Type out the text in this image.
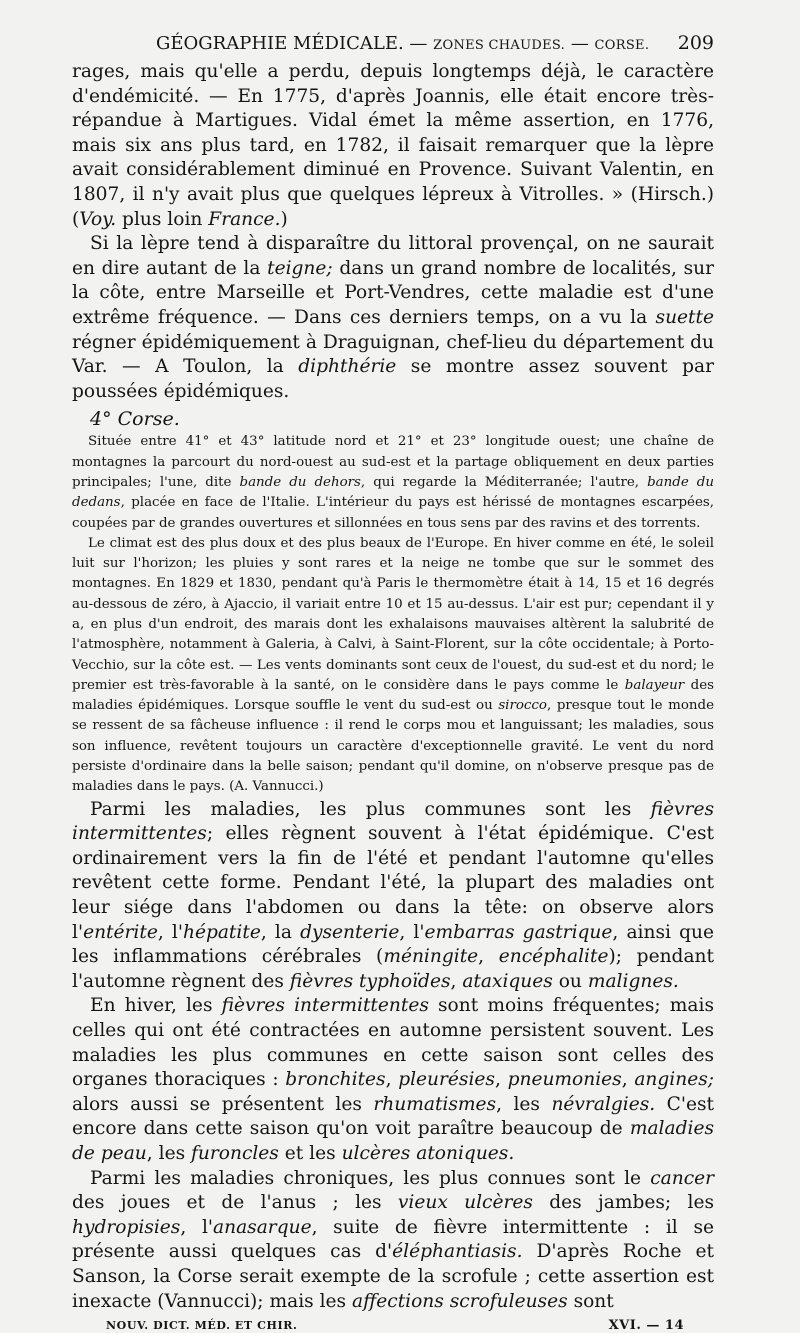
GÉOGRAPHIE MÉDICALE. — ZONES CHAUDES. — CORSE. 209

rages, mais qu'elle a perdu, depuis longtemps déjà, le caractère d'endémicité. — En 1775, d'après Joannis, elle était encore très-répandue à Martigues. Vidal émet la même assertion, en 1776, mais six ans plus tard, en 1782, il faisait remarquer que la lèpre avait considérablement diminué en Provence. Suivant Valentin, en 1807, il n'y avait plus que quelques lépreux à Vitrolles. » (Hirsch.) (Voy. plus loin France.)

Si la lèpre tend à disparaître du littoral provençal, on ne saurait en dire autant de la teigne; dans un grand nombre de localités, sur la côte, entre Marseille et Port-Vendres, cette maladie est d'une extrême fréquence. — Dans ces derniers temps, on a vu la suette régner épidémiquement à Draguignan, chef-lieu du département du Var. — A Toulon, la diphthérie se montre assez souvent par poussées épidémiques.

4° Corse.

Située entre 41° et 43° latitude nord et 21° et 23° longitude ouest; une chaîne de montagnes la parcourt du nord-ouest au sud-est et la partage obliquement en deux parties principales; l'une, dite bande du dehors, qui regarde la Méditerranée; l'autre, bande du dedans, placée en face de l'Italie. L'intérieur du pays est hérissé de montagnes escarpées, coupées par de grandes ouvertures et sillonnées en tous sens par des ravins et des torrents.

Le climat est des plus doux et des plus beaux de l'Europe. En hiver comme en été, le soleil luit sur l'horizon; les pluies y sont rares et la neige ne tombe que sur le sommet des montagnes. En 1829 et 1830, pendant qu'à Paris le thermomètre était à 14, 15 et 16 degrés au-dessous de zéro, à Ajaccio, il variait entre 10 et 15 au-dessus. L'air est pur; cependant il y a, en plus d'un endroit, des marais dont les exhalaisons mauvaises altèrent la salubrité de l'atmosphère, notamment à Galeria, à Calvi, à Saint-Florent, sur la côte occidentale; à Porto-Vecchio, sur la côte est. — Les vents dominants sont ceux de l'ouest, du sud-est et du nord; le premier est très-favorable à la santé, on le considère dans le pays comme le balayeur des maladies épidémiques. Lorsque souffle le vent du sud-est ou sirocco, presque tout le monde se ressent de sa fâcheuse influence : il rend le corps mou et languissant; les maladies, sous son influence, revêtent toujours un caractère d'exceptionnelle gravité. Le vent du nord persiste d'ordinaire dans la belle saison; pendant qu'il domine, on n'observe presque pas de maladies dans le pays. (A. Vannucci.)

Parmi les maladies, les plus communes sont les fièvres intermittentes; elles règnent souvent à l'état épidémique. C'est ordinairement vers la fin de l'été et pendant l'automne qu'elles revêtent cette forme. Pendant l'été, la plupart des maladies ont leur siége dans l'abdomen ou dans la tête: on observe alors l'entérite, l'hépatite, la dysenterie, l'embarras gastrique, ainsi que les inflammations cérébrales (méningite, encéphalite); pendant l'automne règnent des fièvres typhoïdes, ataxiques ou malignes.

En hiver, les fièvres intermittentes sont moins fréquentes; mais celles qui ont été contractées en automne persistent souvent. Les maladies les plus communes en cette saison sont celles des organes thoraciques : bronchites, pleurésies, pneumonies, angines; alors aussi se présentent les rhumatismes, les névralgies. C'est encore dans cette saison qu'on voit paraître beaucoup de maladies de peau, les furoncles et les ulcères atoniques.

Parmi les maladies chroniques, les plus connues sont le cancer des joues et de l'anus ; les vieux ulcères des jambes; les hydropisies, l'anasarque, suite de fièvre intermittente : il se présente aussi quelques cas d'éléphantiasis. D'après Roche et Sanson, la Corse serait exempte de la scrofule ; cette assertion est inexacte (Vannucci); mais les affections scrofuleuses sont

NOUV. DICT. MÉD. ET CHIR.	XVI. — 14
